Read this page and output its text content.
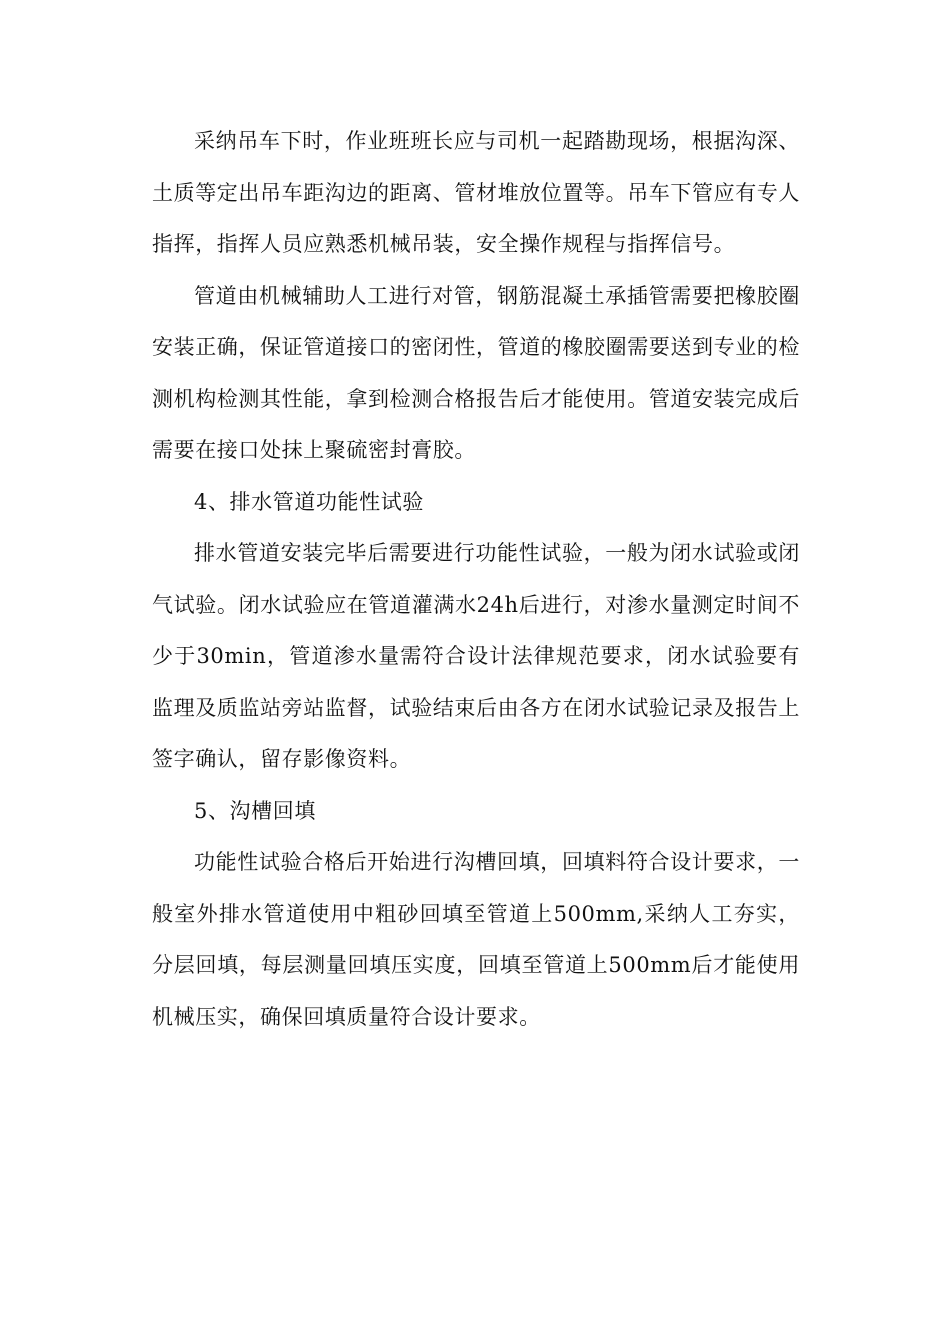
采纳吊车下时，作业班班长应与司机一起踏勘现场，根据沟深、土质等定出吊车距沟边的距离、管材堆放位置等。吊车下管应有专人指挥，指挥人员应熟悉机械吊装，安全操作规程与指挥信号。

管道由机械辅助人工进行对管，钢筋混凝土承插管需要把橡胶圈安装正确，保证管道接口的密闭性，管道的橡胶圈需要送到专业的检测机构检测其性能，拿到检测合格报告后才能使用。管道安装完成后需要在接口处抹上聚硫密封膏胶。

4、排水管道功能性试验

排水管道安装完毕后需要进行功能性试验，一般为闭水试验或闭气试验。闭水试验应在管道灌满水24h后进行，对渗水量测定时间不少于30min，管道渗水量需符合设计法律规范要求，闭水试验要有监理及质监站旁站监督，试验结束后由各方在闭水试验记录及报告上签字确认，留存影像资料。

5、沟槽回填

功能性试验合格后开始进行沟槽回填，回填料符合设计要求，一般室外排水管道使用中粗砂回填至管道上500mm,采纳人工夯实，分层回填，每层测量回填压实度，回填至管道上500mm后才能使用机械压实，确保回填质量符合设计要求。
